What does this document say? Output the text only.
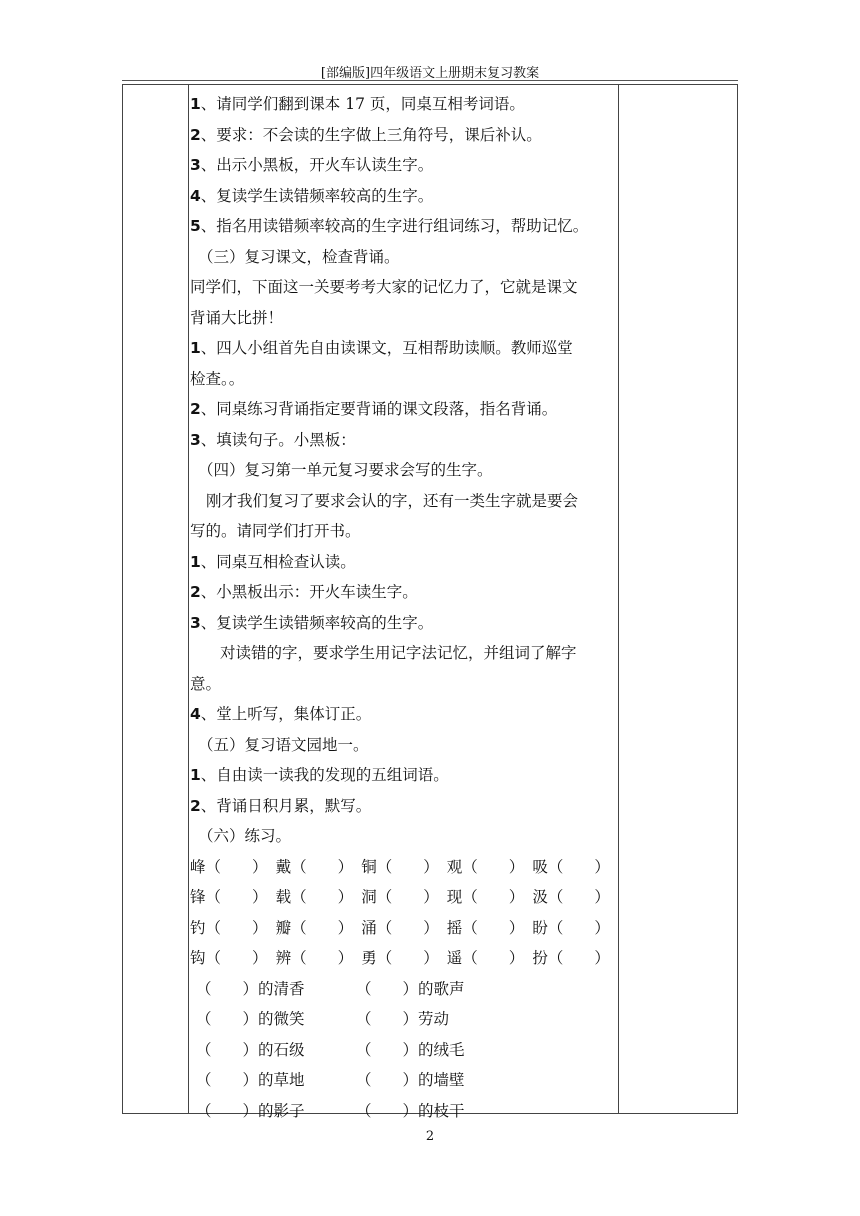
[部编版]四年级语文上册期末复习教案
1、请同学们翻到课本 17 页，同桌互相考词语。
2、要求：不会读的生字做上三角符号，课后补认。
3、出示小黑板，开火车认读生字。
4、复读学生读错频率较高的生字。
5、指名用读错频率较高的生字进行组词练习，帮助记忆。
（三）复习课文，检查背诵。
同学们，下面这一关要考考大家的记忆力了，它就是课文
背诵大比拼！
1、四人小组首先自由读课文，互相帮助读顺。教师巡堂
检查。。
2、同桌练习背诵指定要背诵的课文段落，指名背诵。
3、填读句子。小黑板：
（四）复习第一单元复习要求会写的生字。
刚才我们复习了要求会认的字，还有一类生字就是要会
写的。请同学们打开书。
1、同桌互相检查认读。
2、小黑板出示：开火车读生字。
3、复读学生读错频率较高的生字。
对读错的字，要求学生用记字法记忆，并组词了解字
意。
4、堂上听写，集体订正。
（五）复习语文园地一。
1、自由读一读我的发现的五组词语。
2、背诵日积月累，默写。
（六）练习。
峰（　　） 戴（　　） 铜（　　） 观（　　） 吸（　　）
锋（　　） 载（　　） 洞（　　） 现（　　） 汲（　　）
钓（　　） 瓣（　　） 涌（　　） 摇（　　） 盼（　　）
钩（　　） 辨（　　） 勇（　　） 遥（　　） 扮（　　）
（　　）的清香	（　　）的歌声
（　　）的微笑	（　　）劳动
（　　）的石级	（　　）的绒毛
（　　）的草地	（　　）的墙壁
（　　）的影子	（　　）的枝干
2
